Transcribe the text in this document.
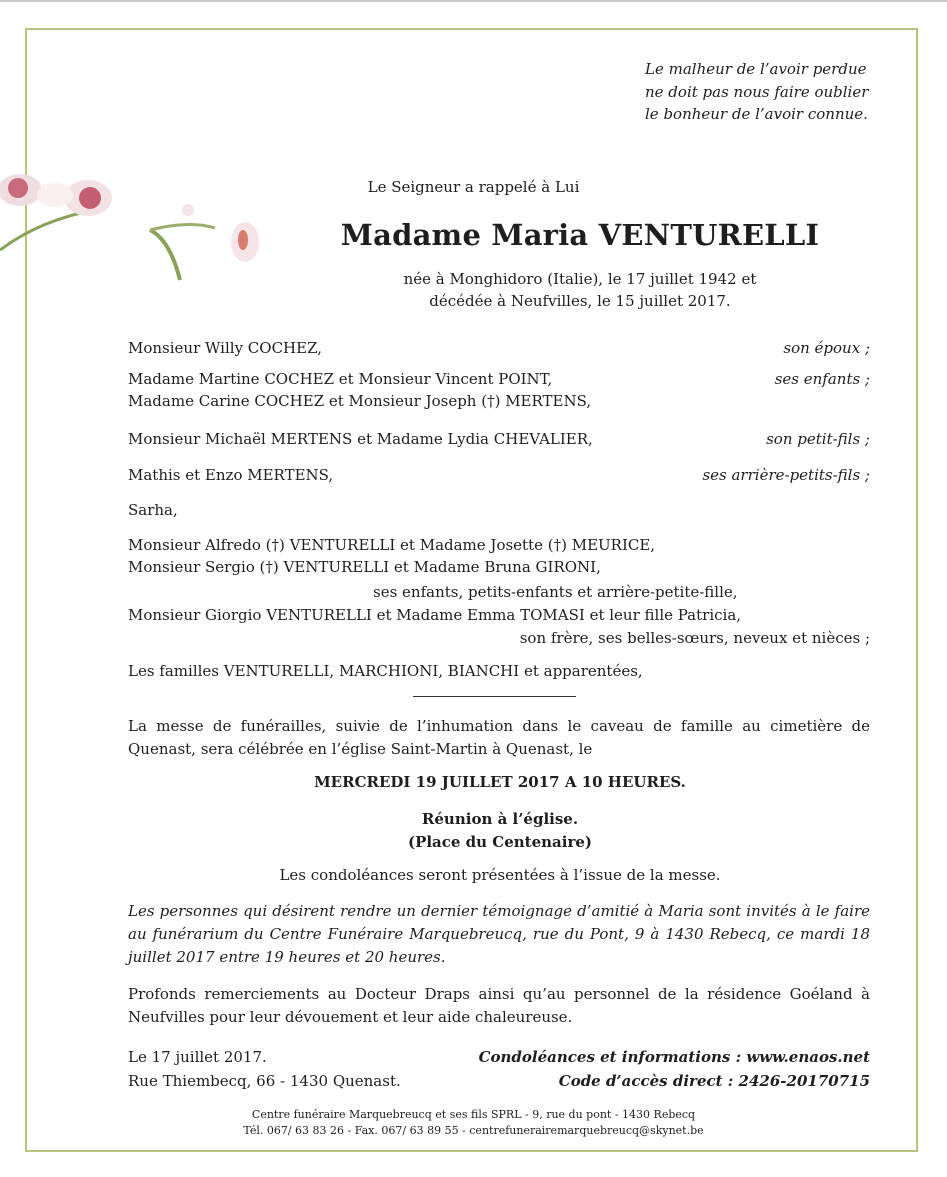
Le malheur de l’avoir perdue
ne doit pas nous faire oublier
le bonheur de l’avoir connue.
Le Seigneur a rappelé à Lui
Madame Maria VENTURELLI
née à Monghidoro (Italie), le 17 juillet 1942 et
décédée à Neufvilles, le 15 juillet 2017.
Monsieur Willy COCHEZ,	son époux ;
Madame Martine COCHEZ et Monsieur Vincent POINT,
Madame Carine COCHEZ et Monsieur Joseph (†) MERTENS,
ses enfants ;
Monsieur Michaël MERTENS et Madame Lydia CHEVALIER,	son petit-fils ;
Mathis et Enzo MERTENS,	ses arrière-petits-fils ;
Sarha,
Monsieur Alfredo (†) VENTURELLI et Madame Josette (†) MEURICE,
Monsieur Sergio (†) VENTURELLI et Madame Bruna GIRONI,
ses enfants, petits-enfants et arrière-petite-fille,
Monsieur Giorgio VENTURELLI et Madame Emma TOMASI et leur fille Patricia,
son frère, ses belles-sœurs, neveux et nièces ;
Les familles VENTURELLI, MARCHIONI, BIANCHI et apparentées,
La messe de funérailles, suivie de l’inhumation dans le caveau de famille au cimetière de Quenast, sera célébrée en l’église Saint-Martin à Quenast, le
MERCREDI 19 JUILLET 2017 A 10 HEURES.
Réunion à l’église.
(Place du Centenaire)
Les condoléances seront présentées à l’issue de la messe.
Les personnes qui désirent rendre un dernier témoignage d’amitié à Maria sont invités à le faire au funérarium du Centre Funéraire Marquebreucq, rue du Pont, 9 à 1430 Rebecq, ce mardi 18 juillet 2017 entre 19 heures et 20 heures.
Profonds remerciements au Docteur Draps ainsi qu’au personnel de la résidence Goéland à Neufvilles pour leur dévouement et leur aide chaleureuse.
Le 17 juillet 2017.
Rue Thiembecq, 66 - 1430 Quenast.
Condoléances et informations : www.enaos.net
Code d’accès direct : 2426-20170715
Centre funéraire Marquebreucq et ses fils SPRL - 9, rue du pont - 1430 Rebecq
Tél. 067/ 63 83 26 - Fax. 067/ 63 89 55 - centrefunerairemarquebreucq@skynet.be
